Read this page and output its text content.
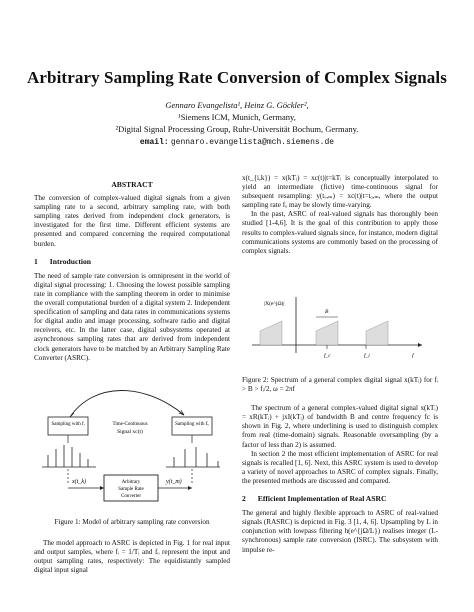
Arbitrary Sampling Rate Conversion of Complex Signals
Gennaro Evangelista¹, Heinz G. Göckler²,
¹Siemens ICM, Munich, Germany,
²Digital Signal Processing Group, Ruhr-Universität Bochum, Germany.
email: gennaro.evangelista@mch.siemens.de
ABSTRACT

The conversion of complex-valued digital signals from a given sampling rate to a second, arbitrary sampling rate, with both sampling rates derived from independent clock generators, is investigated for the first time. Different efficient systems are presented and compared concerning the required computational burden.

1 Introduction

The need of sample rate conversion is omnipresent in the world of digital signal processing: 1. Choosing the lowest possible sampling rate in compliance with the sampling theorem in order to minimise the overall computational burden of a digital system 2. Independent specification of sampling and data rates in communications systems for digital audio and image processing, software radio and digital receivers, etc. In the latter case, digital subsystems operated at asynchronous sampling rates that are derived from independent clock generators have to be matched by an Arbitrary Sampling Rate Converter (ASRC).

Sampling with fᵢ	Sampling with fₒ
Time-Continuous
Signal xc(t)
Arbitrary
Sample Rate
Converter
x(t_k)	y(t_m)

Figure 1: Model of arbitrary sampling rate conversion

The model approach to ASRC is depicted in Fig. 1 for real input and output samples, where fᵢ = 1/Tᵢ and fₒ represent the input and output sampling rates, respectively: The equidistantly sampled digital input signal

x(t_{i,k}) = x(kTᵢ) = xc(t)|t=kTᵢ is conceptually interpolated to yield an intermediate (fictive) time-continuous signal for subsequent resampling: y(tₒ,ₘ) = xc(t)|t=tₒ,ₘ, where the output sampling rate fₒ may be slowly time-varying.

In the past, ASRC of real-valued signals has thoroughly been studied [1-4,6]. It is the goal of this contribution to apply those results to complex-valued signals since, for instance, modern digital communications systems are commonly based on the processing of complex signals.

|X(e^jΩ)|
B
f_c	f_i	f

Figure 2: Spectrum of a general complex digital signal x(kTᵢ) for fᵢ > B > fᵢ/2, ω = 2πf

The spectrum of a general complex-valued digital signal x(kTᵢ) = xR(kTᵢ) + jxI(kTᵢ) of bandwidth B and centre frequency fc is shown in Fig. 2, where underlining is used to distinguish complex from real (time-domain) signals. Reasonable oversampling (by a factor of less than 2) is assumed.

In section 2 the most efficient implementation of ASRC for real signals is recalled [1, 6]. Next, this ASRC system is used to develop a variety of novel approaches to ASRC of complex signals. Finally, the presented methods are discussed and compared.

2 Efficient Implementation of Real ASRC

The general and highly flexible approach to ASRC of real-valued signals (RASRC) is depicted in Fig. 3 [1, 4, 6]. Upsampling by L in conjunction with lowpass filtering h(e^{jΩ/L}) realises integer (L-synchronous) sample rate conversion (ISRC). The subsystem with impulse re-
